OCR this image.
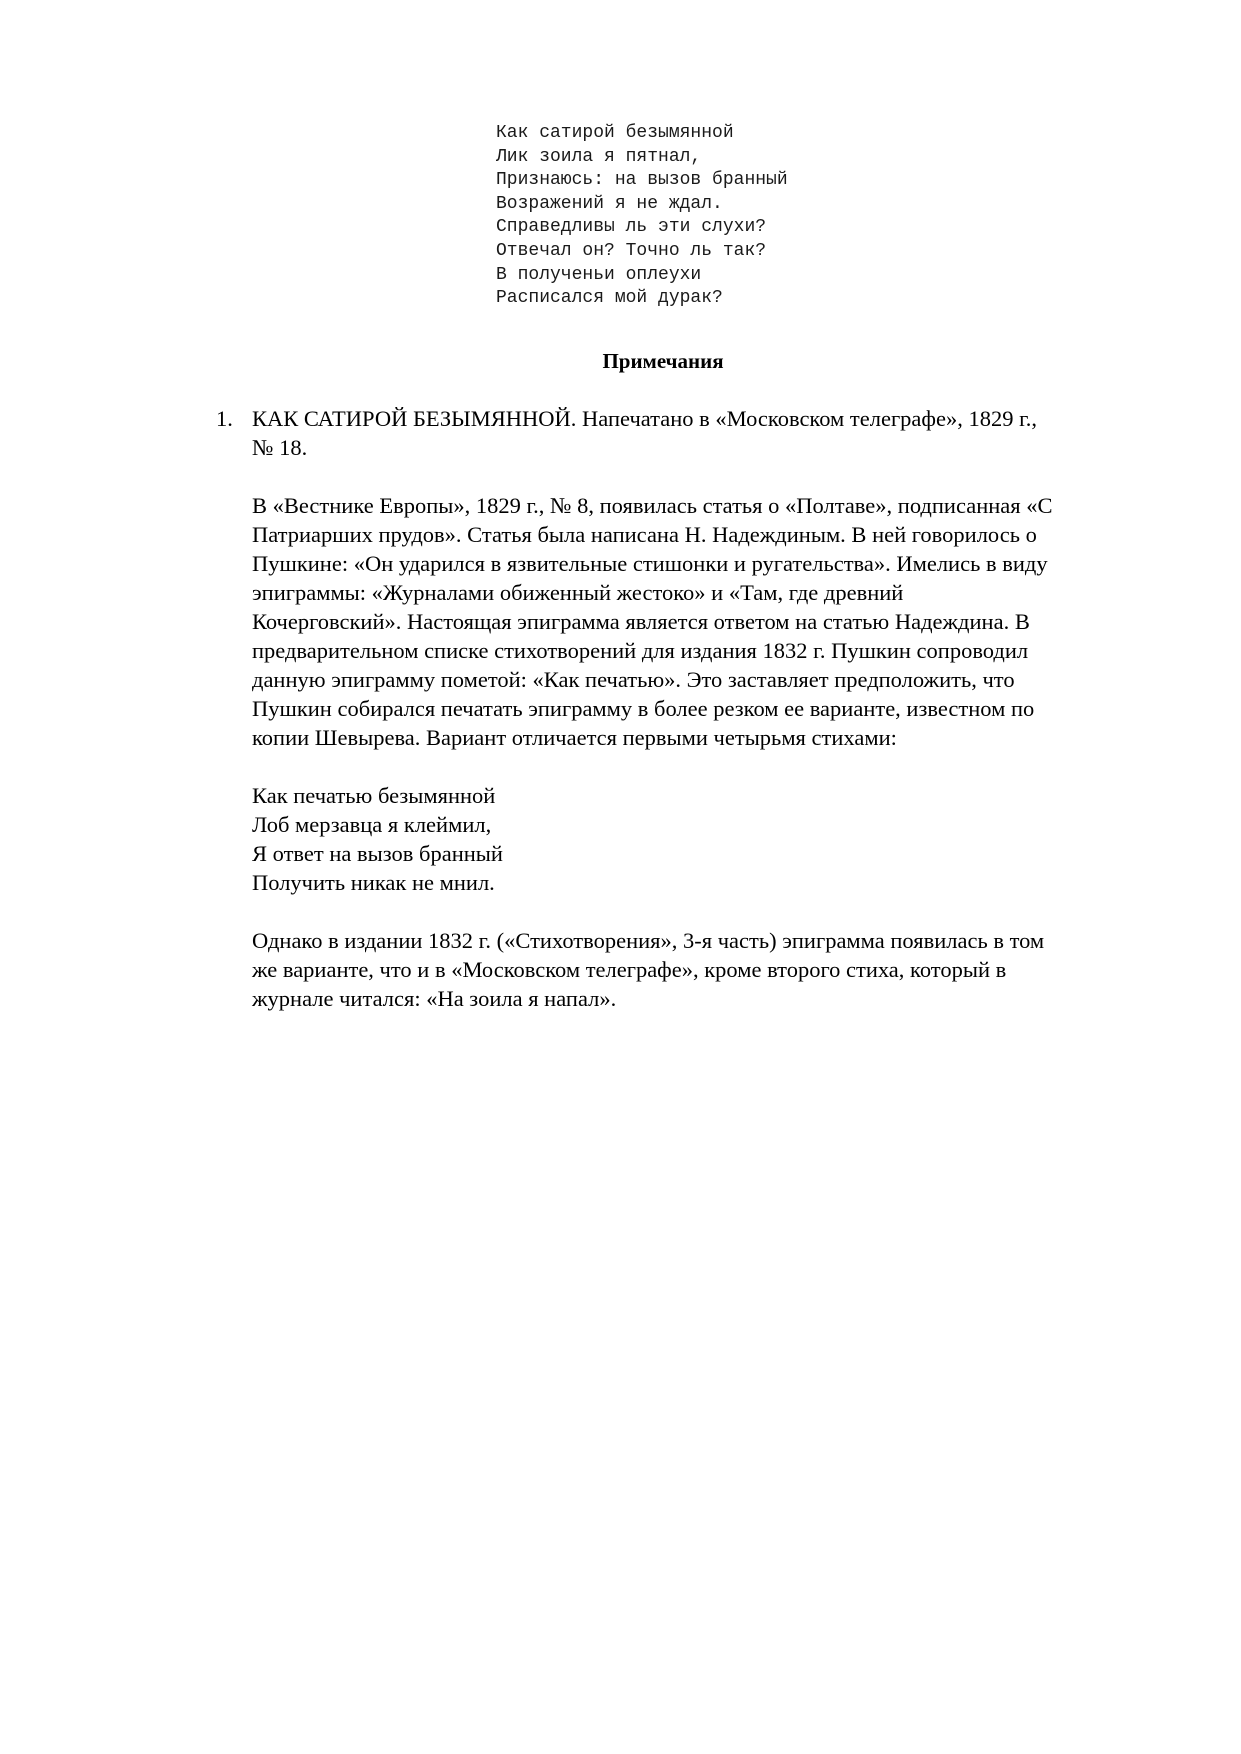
Как сатирой безымянной
Лик зоила я пятнал,
Признаюсь: на вызов бранный
Возражений я не ждал.
Справедливы ль эти слухи?
Отвечал он? Точно ль так?
В полученьи оплеухи
Расписался мой дурак?
Примечания
1. КАК САТИРОЙ БЕЗЫМЯННОЙ. Напечатано в «Московском телеграфе», 1829 г.,
№ 18.

В «Вестнике Европы», 1829 г., № 8, появилась статья о «Полтаве», подписанная «С
Патриарших прудов». Статья была написана Н. Надеждиным. В ней говорилось о
Пушкине: «Он ударился в язвительные стишонки и ругательства». Имелись в виду
эпиграммы: «Журналами обиженный жестоко» и «Там, где древний
Кочерговский». Настоящая эпиграмма является ответом на статью Надеждина. В
предварительном списке стихотворений для издания 1832 г. Пушкин сопроводил
данную эпиграмму пометой: «Как печатью». Это заставляет предположить, что
Пушкин собирался печатать эпиграмму в более резком ее варианте, известном по
копии Шевырева. Вариант отличается первыми четырьмя стихами:

Как печатью безымянной
Лоб мерзавца я клеймил,
Я ответ на вызов бранный
Получить никак не мнил.

Однако в издании 1832 г. («Стихотворения», 3-я часть) эпиграмма появилась в том
же варианте, что и в «Московском телеграфе», кроме второго стиха, который в
журнале читался: «На зоила я напал».
